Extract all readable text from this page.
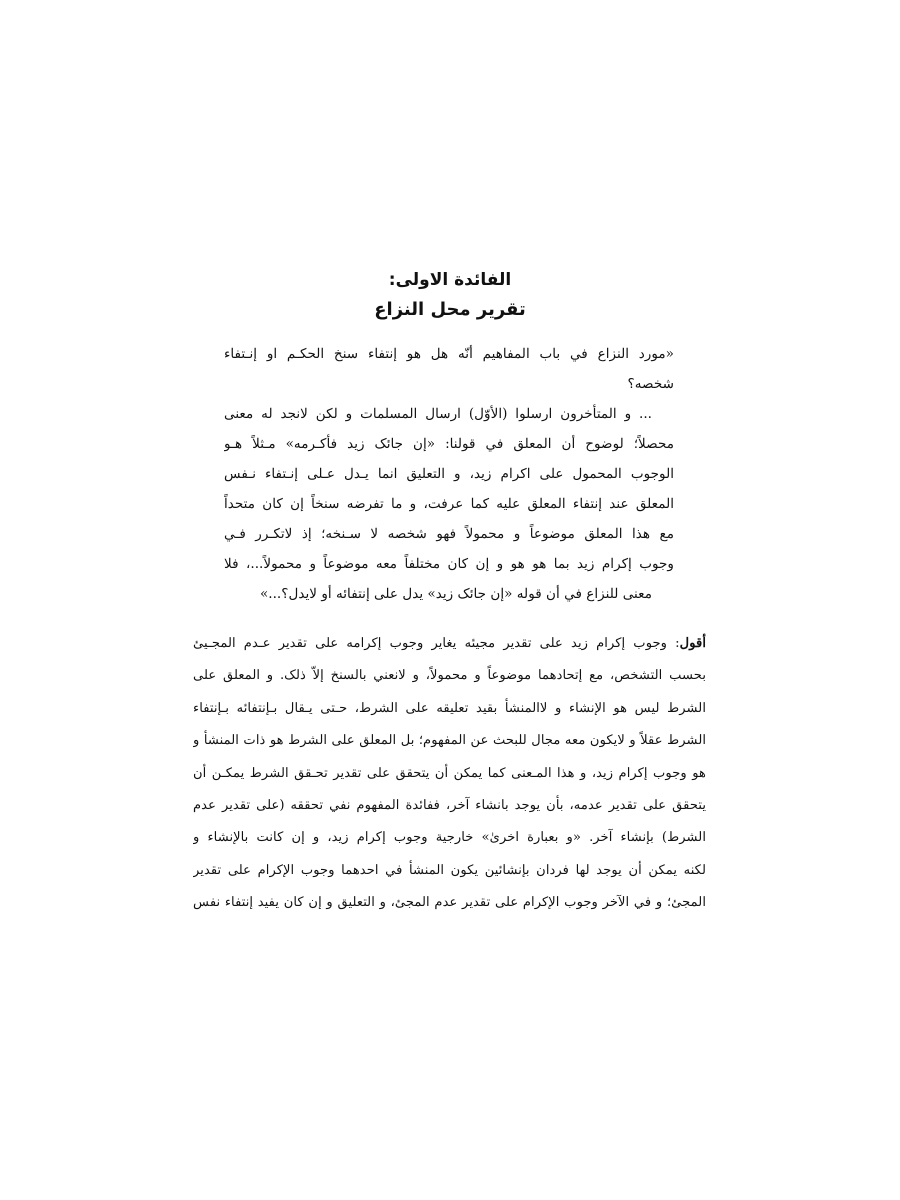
الفائدة الاولى:
تقرير محل النزاع
«مورد النزاع في باب المفاهيم أنّه هل هو إنتفاء سنخ الحكـم او إنـتفاء
شخصه؟
... و المتأخرون ارسلوا (الأوّل) ارسال المسلمات و لكن لانجد له معنى
محصلاً؛ لوضوح أن المعلق في قولنا: «إن جائک زيد فأكـرمه» مـثلاً هـو
الوجوب المحمول على اكرام زيد، و التعليق انما يـدل عـلى إنـتفاء نـفس
المعلق عند إنتفاء المعلق عليه كما عرفت، و ما تفرضه سنخاً إن كان متحداً
مع هذا المعلق موضوعاً و محمولاً فهو شخصه لا سـنخه؛ إذ لاتكـرر فـي
وجوب إكرام زيد بما هو هو و إن كان مختلفاً معه موضوعاً و محمولاً...، فلا
معنى للنزاع في أن قوله «إن جائک زيد» يدل على إنتفائه أو لايدل؟...»
أقول: وجوب إكرام زيد على تقدير مجيئه يغاير وجوب إكرامه على تقدير عـدم المجـيئ
بحسب التشخص، مع إتحادهما موضوعاً و محمولاً، و لانعني بالسنخ إلاّ ذلک. و المعلق على
الشرط ليس هو الإنشاء و لاالمنشأ بقيد تعليقه على الشرط، حـتى يـقال بـإنتفائه بـإنتفاء
الشرط عقلاً و لايكون معه مجال للبحث عن المفهوم؛ بل المعلق على الشرط هو ذات المنشأ و
هو وجوب إكرام زيد، و هذا المـعنى كما يمكن أن يتحقق على تقدير تحـقق الشرط يمكـن أن
يتحقق على تقدير عدمه، بأن يوجد بانشاء آخر، ففائدة المفهوم نفي تحققه (على تقدير عدم
الشرط) بإنشاء آخر. «و بعبارة اخرىٰ» خارجية وجوب إكرام زيد، و إن كانت بالإنشاء و
لكنه يمكن أن يوجد لها فردان بإنشائين يكون المنشأ في احدهما وجوب الإكرام على تقدير
المجئ؛ و في الآخر وجوب الإكرام على تقدير عدم المجئ، و التعليق و إن كان يفيد إنتفاء نفس
